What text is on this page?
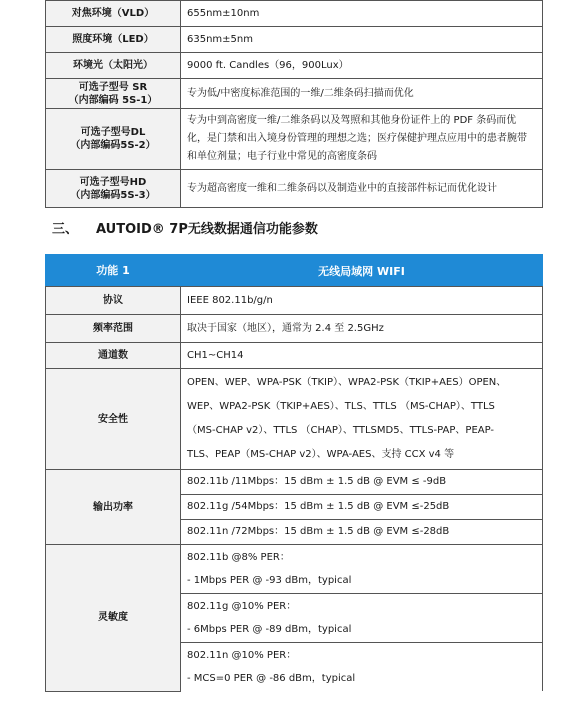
对焦环境（VLD）	655nm±10nm
照度环境（LED）	635nm±5nm
环境光（太阳光）	9000 ft. Candles（96，900Lux）

可选子型号 SR
（内部编码 5S-1）	专为低/中密度标准范围的一维/二维条码扫描而优化

可选子型号DL
（内部编码5S-2）	专为中到高密度一维/二维条码以及驾照和其他身份证件上的 PDF 条码而优化，是门禁和出入境身份管理的理想之选；医疗保健护理点应用中的患者腕带和单位剂量；电子行业中常见的高密度条码

可选子型号HD
（内部编码5S-3）	专为超高密度一维和二维条码以及制造业中的直接部件标记而优化设计
三、 AUTOID® 7P无线数据通信功能参数
功能 1	无线局域网 WIFI
协议	IEEE 802.11b/g/n
频率范围	取决于国家（地区），通常为 2.4 至 2.5GHz
通道数	CH1~CH14
安全性	OPEN、WEP、WPA-PSK（TKIP）、WPA2-PSK（TKIP+AES）OPEN、
WEP、WPA2-PSK（TKIP+AES）、TLS、TTLS （MS-CHAP）、TTLS
（MS-CHAP v2）、TTLS （CHAP）、TTLSMD5、TTLS-PAP、PEAP-
TLS、PEAP（MS-CHAP v2）、WPA-AES、支持 CCX v4 等

输出功率	802.11b /11Mbps：15 dBm ± 1.5 dB @ EVM ≤ -9dB
	802.11g /54Mbps：15 dBm ± 1.5 dB @ EVM ≤-25dB
	802.11n /72Mbps：15 dBm ± 1.5 dB @ EVM ≤-28dB
灵敏度	802.11b @8% PER：
- 1Mbps PER @ -93 dBm，typical

	802.11g @10% PER：
- 6Mbps PER @ -89 dBm，typical

	802.11n @10% PER：
- MCS=0 PER @ -86 dBm，typical
